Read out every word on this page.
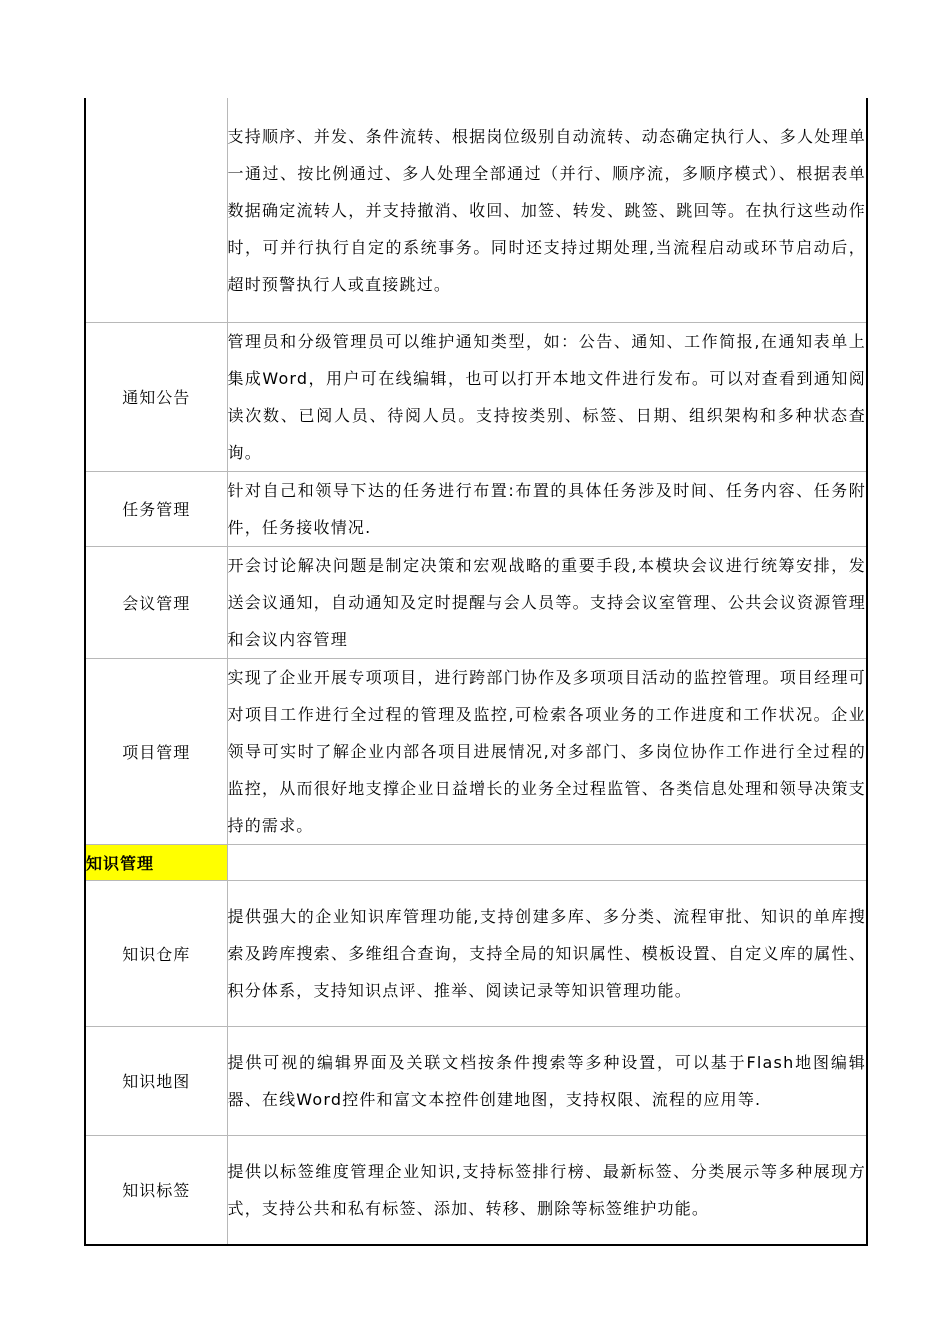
	支持顺序、并发、条件流转、根据岗位级别自动流转、动态确定执行人、多人处理单一通过、按比例通过、多人处理全部通过（并行、顺序流，多顺序模式）、根据表单数据确定流转人，并支持撤消、收回、加签、转发、跳签、跳回等。在执行这些动作时，可并行执行自定的系统事务。同时还支持过期处理,当流程启动或环节启动后，超时预警执行人或直接跳过。
通知公告	管理员和分级管理员可以维护通知类型，如：公告、通知、工作简报,在通知表单上集成Word，用户可在线编辑，也可以打开本地文件进行发布。可以对查看到通知阅读次数、已阅人员、待阅人员。支持按类别、标签、日期、组织架构和多种状态查询。
任务管理	针对自己和领导下达的任务进行布置:布置的具体任务涉及时间、任务内容、任务附件，任务接收情况.
会议管理	开会讨论解决问题是制定决策和宏观战略的重要手段,本模块会议进行统筹安排，发送会议通知，自动通知及定时提醒与会人员等。支持会议室管理、公共会议资源管理和会议内容管理
项目管理	实现了企业开展专项项目，进行跨部门协作及多项项目活动的监控管理。项目经理可对项目工作进行全过程的管理及监控,可检索各项业务的工作进度和工作状况。企业领导可实时了解企业内部各项目进展情况,对多部门、多岗位协作工作进行全过程的监控，从而很好地支撑企业日益增长的业务全过程监管、各类信息处理和领导决策支持的需求。
知识管理	
知识仓库	提供强大的企业知识库管理功能,支持创建多库、多分类、流程审批、知识的单库搜索及跨库搜索、多维组合查询，支持全局的知识属性、模板设置、自定义库的属性、积分体系，支持知识点评、推举、阅读记录等知识管理功能。
知识地图	提供可视的编辑界面及关联文档按条件搜索等多种设置，可以基于Flash地图编辑器、在线Word控件和富文本控件创建地图，支持权限、流程的应用等.
知识标签	提供以标签维度管理企业知识,支持标签排行榜、最新标签、分类展示等多种展现方式，支持公共和私有标签、添加、转移、删除等标签维护功能。
